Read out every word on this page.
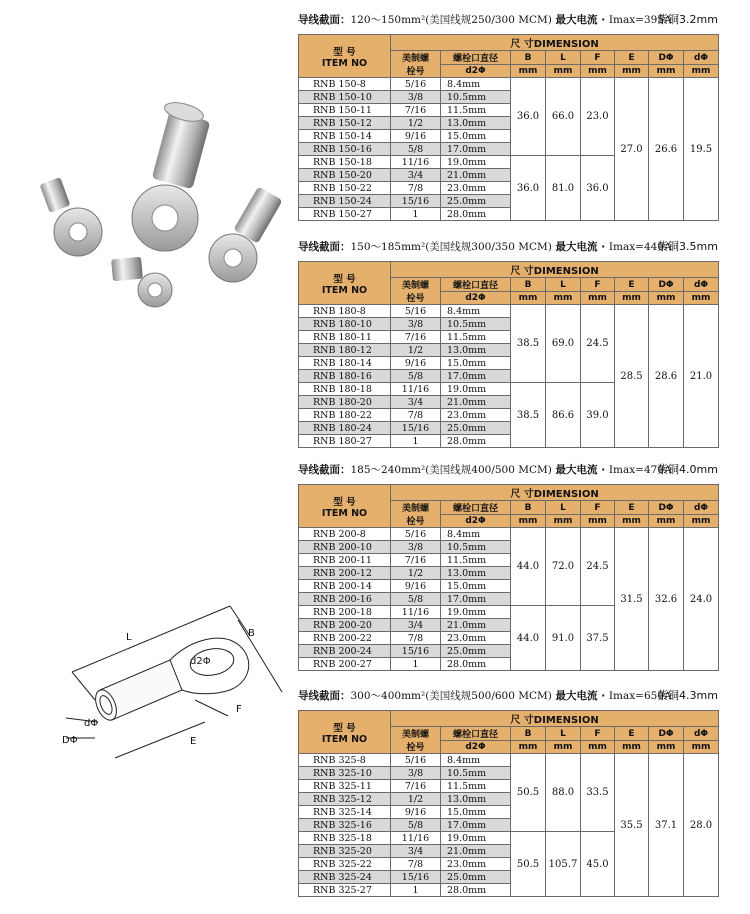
L	B
d2Φ
F
E
dΦ
DΦ
导线截面：120～150mm²(美国线规250/300 MCM) 最大电流 · Imax=395A
紫铜3.2mm
型 号
ITEM NO	尺 寸DIMENSION							

	美制螺
栓号	螺栓口直径	B	L	F	E	DΦ	dΦ
		d2Φ	mm	mm	mm	mm	mm	mm
RNB 150-8	5/16	8.4mm	36.0	66.0	23.0	27.0	26.6	19.5
RNB 150-10	3/8	10.5mm						
RNB 150-11	7/16	11.5mm						
RNB 150-12	1/2	13.0mm						
RNB 150-14	9/16	15.0mm						
RNB 150-16	5/8	17.0mm						
RNB 150-18	11/16	19.0mm	36.0	81.0	36.0			
RNB 150-20	3/4	21.0mm						
RNB 150-22	7/8	23.0mm						
RNB 150-24	15/16	25.0mm						
RNB 150-27	1	28.0mm						
导线截面：150～185mm²(美国线规300/350 MCM) 最大电流 · Imax=440A
紫铜3.5mm
型 号
ITEM NO	尺 寸DIMENSION							

	美制螺
栓号	螺栓口直径	B	L	F	E	DΦ	dΦ
		d2Φ	mm	mm	mm	mm	mm	mm
RNB 180-8	5/16	8.4mm	38.5	69.0	24.5	28.5	28.6	21.0
RNB 180-10	3/8	10.5mm						
RNB 180-11	7/16	11.5mm						
RNB 180-12	1/2	13.0mm						
RNB 180-14	9/16	15.0mm						
RNB 180-16	5/8	17.0mm						
RNB 180-18	11/16	19.0mm	38.5	86.6	39.0			
RNB 180-20	3/4	21.0mm						
RNB 180-22	7/8	23.0mm						
RNB 180-24	15/16	25.0mm						
RNB 180-27	1	28.0mm						
导线截面：185～240mm²(美国线规400/500 MCM) 最大电流 · Imax=470A
紫铜4.0mm
型 号
ITEM NO	尺 寸DIMENSION							

	美制螺
栓号	螺栓口直径	B	L	F	E	DΦ	dΦ
		d2Φ	mm	mm	mm	mm	mm	mm
RNB 200-8	5/16	8.4mm	44.0	72.0	24.5	31.5	32.6	24.0
RNB 200-10	3/8	10.5mm						
RNB 200-11	7/16	11.5mm						
RNB 200-12	1/2	13.0mm						
RNB 200-14	9/16	15.0mm						
RNB 200-16	5/8	17.0mm						
RNB 200-18	11/16	19.0mm	44.0	91.0	37.5			
RNB 200-20	3/4	21.0mm						
RNB 200-22	7/8	23.0mm						
RNB 200-24	15/16	25.0mm						
RNB 200-27	1	28.0mm						
导线截面：300～400mm²(美国线规500/600 MCM) 最大电流 · Imax=650A
紫铜4.3mm
型 号
ITEM NO	尺 寸DIMENSION							

	美制螺
栓号	螺栓口直径	B	L	F	E	DΦ	dΦ
		d2Φ	mm	mm	mm	mm	mm	mm
RNB 325-8	5/16	8.4mm	50.5	88.0	33.5	35.5	37.1	28.0
RNB 325-10	3/8	10.5mm						
RNB 325-11	7/16	11.5mm						
RNB 325-12	1/2	13.0mm						
RNB 325-14	9/16	15.0mm						
RNB 325-16	5/8	17.0mm						
RNB 325-18	11/16	19.0mm	50.5	105.7	45.0			
RNB 325-20	3/4	21.0mm						
RNB 325-22	7/8	23.0mm						
RNB 325-24	15/16	25.0mm						
RNB 325-27	1	28.0mm						
